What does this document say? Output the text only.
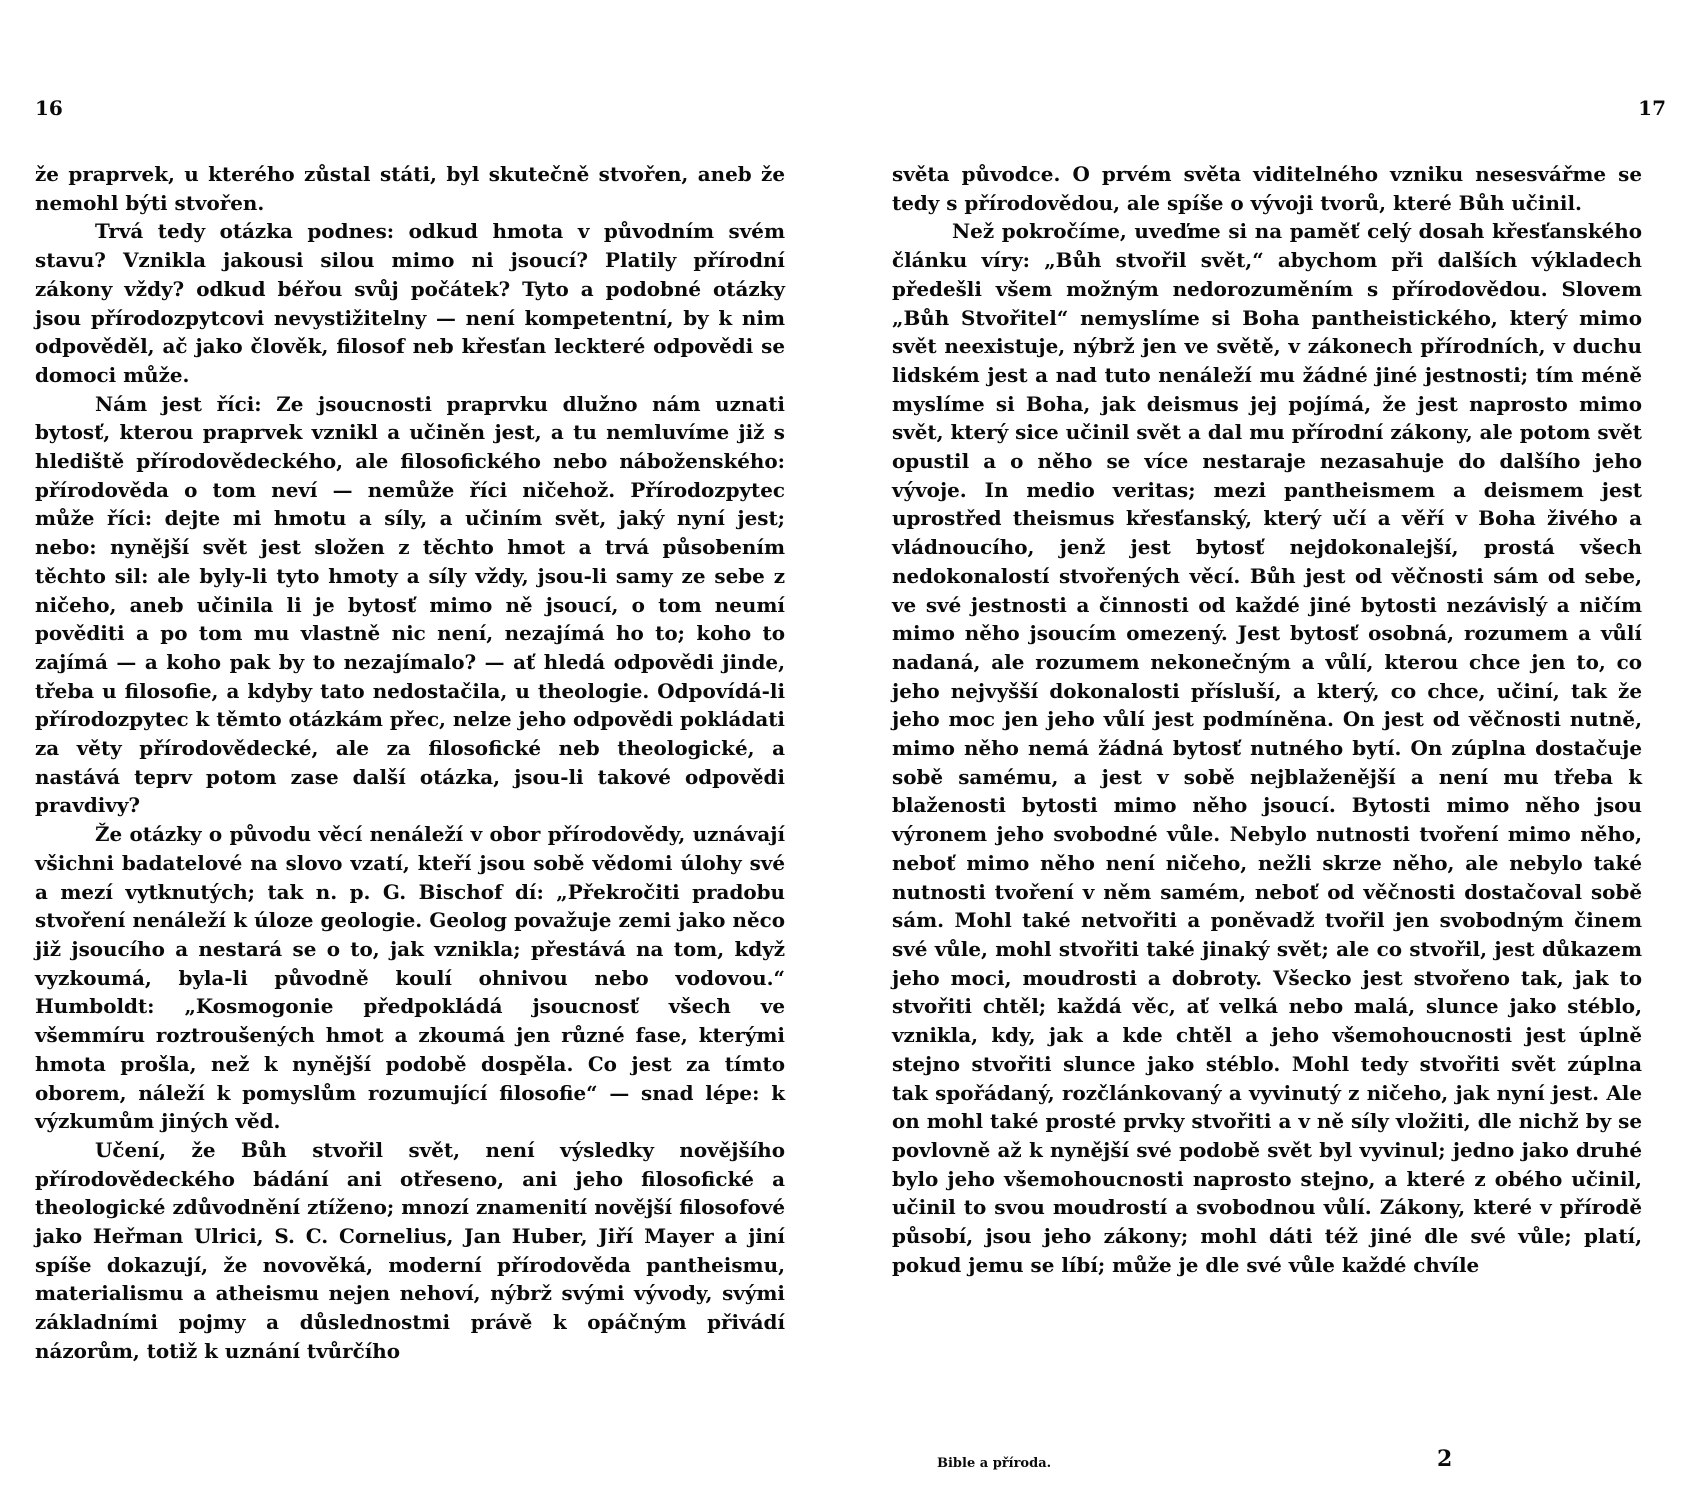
16

že praprvek, u kterého zůstal státi, byl skutečně stvořen, aneb že nemohl býti stvořen.

Trvá tedy otázka podnes: odkud hmota v původním svém stavu? Vznikla jakousi silou mimo ni jsoucí? Platily přírodní zákony vždy? odkud béřou svůj počátek? Tyto a podobné otázky jsou přírodozpytcovi nevystižitelny — není kompetentní, by k nim odpověděl, ač jako člověk, filosof neb křesťan leckteré odpovědi se domoci může.

Nám jest říci: Ze jsoucnosti praprvku dlužno nám uznati bytosť, kterou praprvek vznikl a učiněn jest, a tu nemluvíme již s hlediště přírodovědeckého, ale filosofického nebo náboženského: přírodověda o tom neví — nemůže říci ničehož. Přírodozpytec může říci: dejte mi hmotu a síly, a učiním svět, jaký nyní jest; nebo: nynější svět jest složen z těchto hmot a trvá působením těchto sil: ale byly-li tyto hmoty a síly vždy, jsou-li samy ze sebe z ničeho, aneb učinila li je bytosť mimo ně jsoucí, o tom neumí pověditi a po tom mu vlastně nic není, nezajímá ho to; koho to zajímá — a koho pak by to nezajímalo? — ať hledá odpovědi jinde, třeba u filosofie, a kdyby tato nedostačila, u theologie. Odpovídá-li přírodozpytec k těmto otázkám přec, nelze jeho odpovědi pokládati za věty přírodovědecké, ale za filosofické neb theologické, a nastává teprv potom zase další otázka, jsou-li takové odpovědi pravdivy?

Že otázky o původu věcí nenáleží v obor přírodovědy, uznávají všichni badatelové na slovo vzatí, kteří jsou sobě vědomi úlohy své a mezí vytknutých; tak n. p. G. Bischof dí: „Překročiti pradobu stvoření nenáleží k úloze geologie. Geolog považuje zemi jako něco již jsoucího a nestará se o to, jak vznikla; přestává na tom, když vyzkoumá, byla-li původně koulí ohnivou nebo vodovou.“ Humboldt: „Kosmogonie předpokládá jsoucnosť všech ve všemmíru roztroušených hmot a zkoumá jen různé fase, kterými hmota prošla, než k nynější podobě dospěla. Co jest za tímto oborem, náleží k pomyslům rozumující filosofie“ — snad lépe: k výzkumům jiných věd.

Učení, že Bůh stvořil svět, není výsledky novějšího přírodovědeckého bádání ani otřeseno, ani jeho filosofické a theologické zdůvodnění ztíženo; mnozí znamenití novější filosofové jako Heřman Ulrici, S. C. Cornelius, Jan Huber, Jiří Mayer a jiní spíše dokazují, že novověká, moderní přírodověda pantheismu, materialismu a atheismu nejen nehoví, nýbrž svými vývody, svými základními pojmy a důslednostmi právě k opáčným přivádí názorům, totiž k uznání tvůrčího

17

světa původce. O prvém světa viditelného vzniku nesesvářme se tedy s přírodovědou, ale spíše o vývoji tvorů, které Bůh učinil.

Než pokročíme, uveďme si na paměť celý dosah křesťanského článku víry: „Bůh stvořil svět,“ abychom při dalších výkladech předešli všem možným nedorozuměním s přírodovědou. Slovem „Bůh Stvořitel“ nemyslíme si Boha pantheistického, který mimo svět neexistuje, nýbrž jen ve světě, v zákonech přírodních, v duchu lidském jest a nad tuto nenáleží mu žádné jiné jestnosti; tím méně myslíme si Boha, jak deismus jej pojímá, že jest naprosto mimo svět, který sice učinil svět a dal mu přírodní zákony, ale potom svět opustil a o něho se více nestaraje nezasahuje do dalšího jeho vývoje. In medio veritas; mezi pantheismem a deismem jest uprostřed theismus křesťanský, který učí a věří v Boha živého a vládnoucího, jenž jest bytosť nejdokonalejší, prostá všech nedokonalostí stvořených věcí. Bůh jest od věčnosti sám od sebe, ve své jestnosti a činnosti od každé jiné bytosti nezávislý a ničím mimo něho jsoucím omezený. Jest bytosť osobná, rozumem a vůlí nadaná, ale rozumem nekonečným a vůlí, kterou chce jen to, co jeho nejvyšší dokonalosti přísluší, a který, co chce, učiní, tak že jeho moc jen jeho vůlí jest podmíněna. On jest od věčnosti nutně, mimo něho nemá žádná bytosť nutného bytí. On zúplna dostačuje sobě samému, a jest v sobě nejblaženější a není mu třeba k blaženosti bytosti mimo něho jsoucí. Bytosti mimo něho jsou výronem jeho svobodné vůle. Nebylo nutnosti tvoření mimo něho, neboť mimo něho není ničeho, nežli skrze něho, ale nebylo také nutnosti tvoření v něm samém, neboť od věčnosti dostačoval sobě sám. Mohl také netvořiti a poněvadž tvořil jen svobodným činem své vůle, mohl stvořiti také jinaký svět; ale co stvořil, jest důkazem jeho moci, moudrosti a dobroty. Všecko jest stvořeno tak, jak to stvořiti chtěl; každá věc, ať velká nebo malá, slunce jako stéblo, vznikla, kdy, jak a kde chtěl a jeho všemohoucnosti jest úplně stejno stvořiti slunce jako stéblo. Mohl tedy stvořiti svět zúplna tak spořádaný, rozčlánkovaný a vyvinutý z ničeho, jak nyní jest. Ale on mohl také prosté prvky stvořiti a v ně síly vložiti, dle nichž by se povlovně až k nynější své podobě svět byl vyvinul; jedno jako druhé bylo jeho všemohoucnosti naprosto stejno, a které z obého učinil, učinil to svou moudrostí a svobodnou vůlí. Zákony, které v přírodě působí, jsou jeho zákony; mohl dáti též jiné dle své vůle; platí, pokud jemu se líbí; může je dle své vůle každé chvíle

Bible a příroda.	2
